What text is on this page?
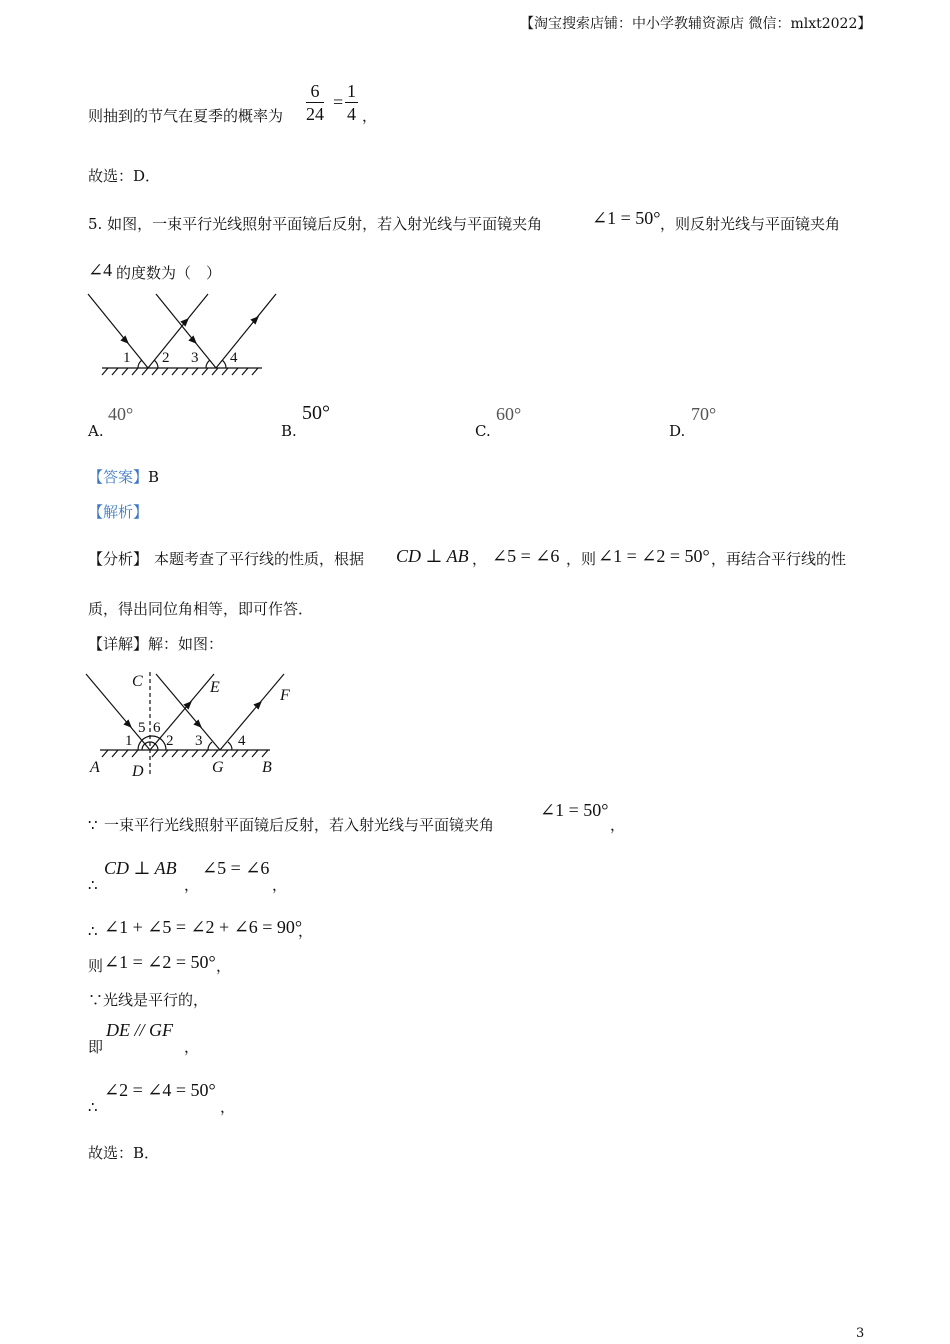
【淘宝搜索店铺：中小学教辅资源店 微信：mlxt2022】
则抽到的节气在夏季的概率为 $\frac{6}{24} = \frac{1}{4}$ ，
故选：D．
5. 如图，一束平行光线照射平面镜后反射，若入射光线与平面镜夹角	∠1 = 50° ，则反射光线与平面镜夹角
∠4 的度数为（　）
1 2 3 4
A.
40°
B.
50°
C.
60°
D.
70°
【答案】B
【解析】
【分析】 本题考查了平行线的性质，根据 CD ⊥ AB ， ∠5 = ∠6 ，则 ∠1 = ∠2 = 50° ，再结合平行线的性
质，得出同位角相等，即可作答．
【详解】解：如图：
C	E	F
A D	G B
1 2 3 4
5 6
∵ 一束平行光线照射平面镜后反射，若入射光线与平面镜夹角
∠1 = 50°
，
∴
CD ⊥ AB
，
∠5 = ∠6
，
∴ ∠1 + ∠5 = ∠2 + ∠6 = 90°
，
则 ∠1 = ∠2 = 50° ，
∵光线是平行的，
即
DE // GF
，
∴
∠2 = ∠4 = 50°
，
故选：B．
3
